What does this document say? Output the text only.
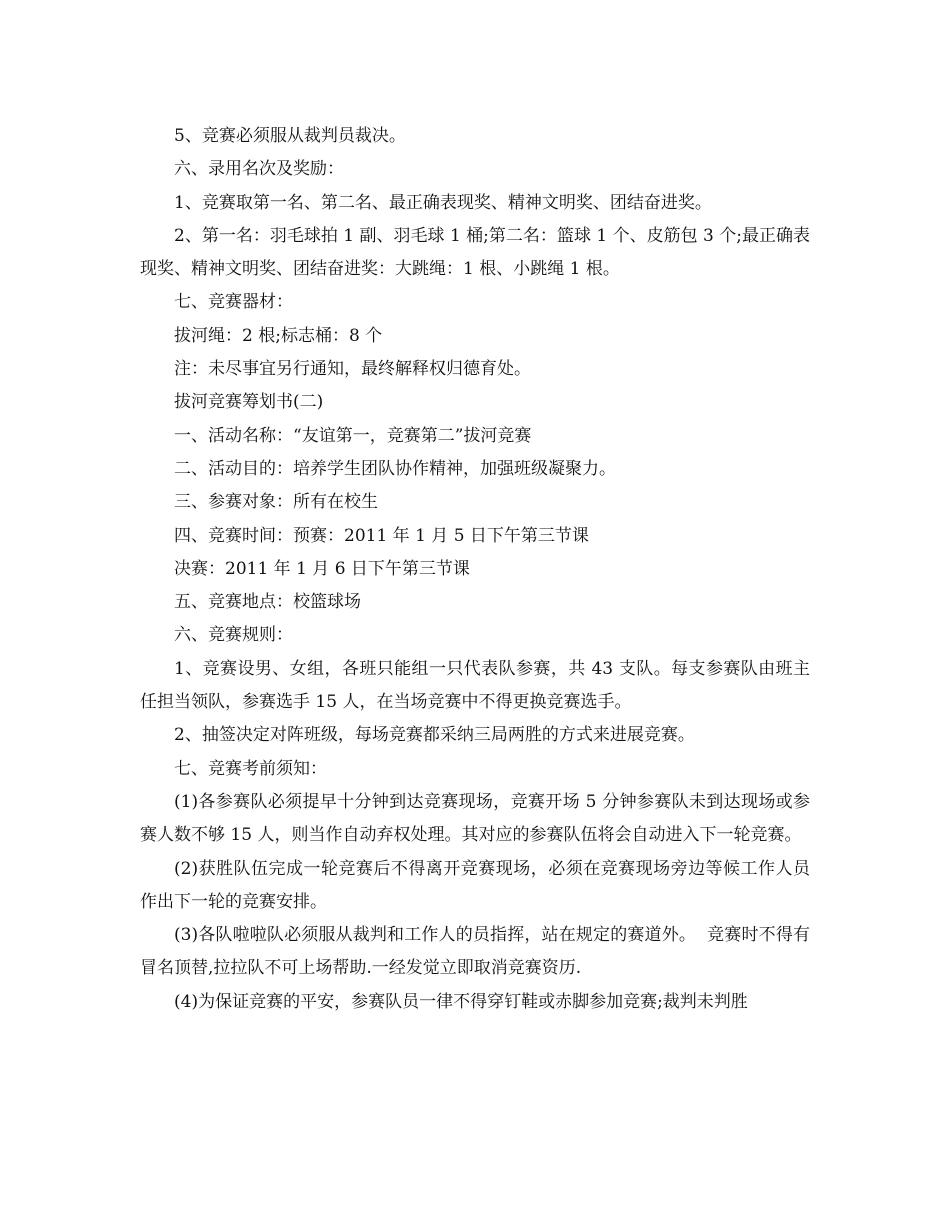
5、竞赛必须服从裁判员裁决。

六、录用名次及奖励：

1、竞赛取第一名、第二名、最正确表现奖、精神文明奖、团结奋进奖。

2、第一名：羽毛球拍 1 副、羽毛球 1 桶;第二名：篮球 1 个、皮筋包 3 个;最正确表现奖、精神文明奖、团结奋进奖：大跳绳：1 根、小跳绳 1 根。

七、竞赛器材：

拔河绳：2 根;标志桶：8 个

注：未尽事宜另行通知，最终解释权归德育处。

拔河竞赛筹划书(二)

一、活动名称：“友谊第一，竞赛第二”拔河竞赛

二、活动目的：培养学生团队协作精神，加强班级凝聚力。

三、参赛对象：所有在校生

四、竞赛时间：预赛：2011 年 1 月 5 日下午第三节课

决赛：2011 年 1 月 6 日下午第三节课

五、竞赛地点：校篮球场

六、竞赛规则：

1、竞赛设男、女组，各班只能组一只代表队参赛，共 43 支队。每支参赛队由班主任担当领队，参赛选手 15 人，在当场竞赛中不得更换竞赛选手。

2、抽签决定对阵班级，每场竞赛都采纳三局两胜的方式来进展竞赛。

七、竞赛考前须知：

(1)各参赛队必须提早十分钟到达竞赛现场，竞赛开场 5 分钟参赛队未到达现场或参赛人数不够 15 人，则当作自动弃权处理。其对应的参赛队伍将会自动进入下一轮竞赛。

(2)获胜队伍完成一轮竞赛后不得离开竞赛现场，必须在竞赛现场旁边等候工作人员作出下一轮的竞赛安排。

(3)各队啦啦队必须服从裁判和工作人的员指挥，站在规定的赛道外。  竞赛时不得有冒名顶替,拉拉队不可上场帮助.一经发觉立即取消竞赛资历.

(4)为保证竞赛的平安，参赛队员一律不得穿钉鞋或赤脚参加竞赛;裁判未判胜
